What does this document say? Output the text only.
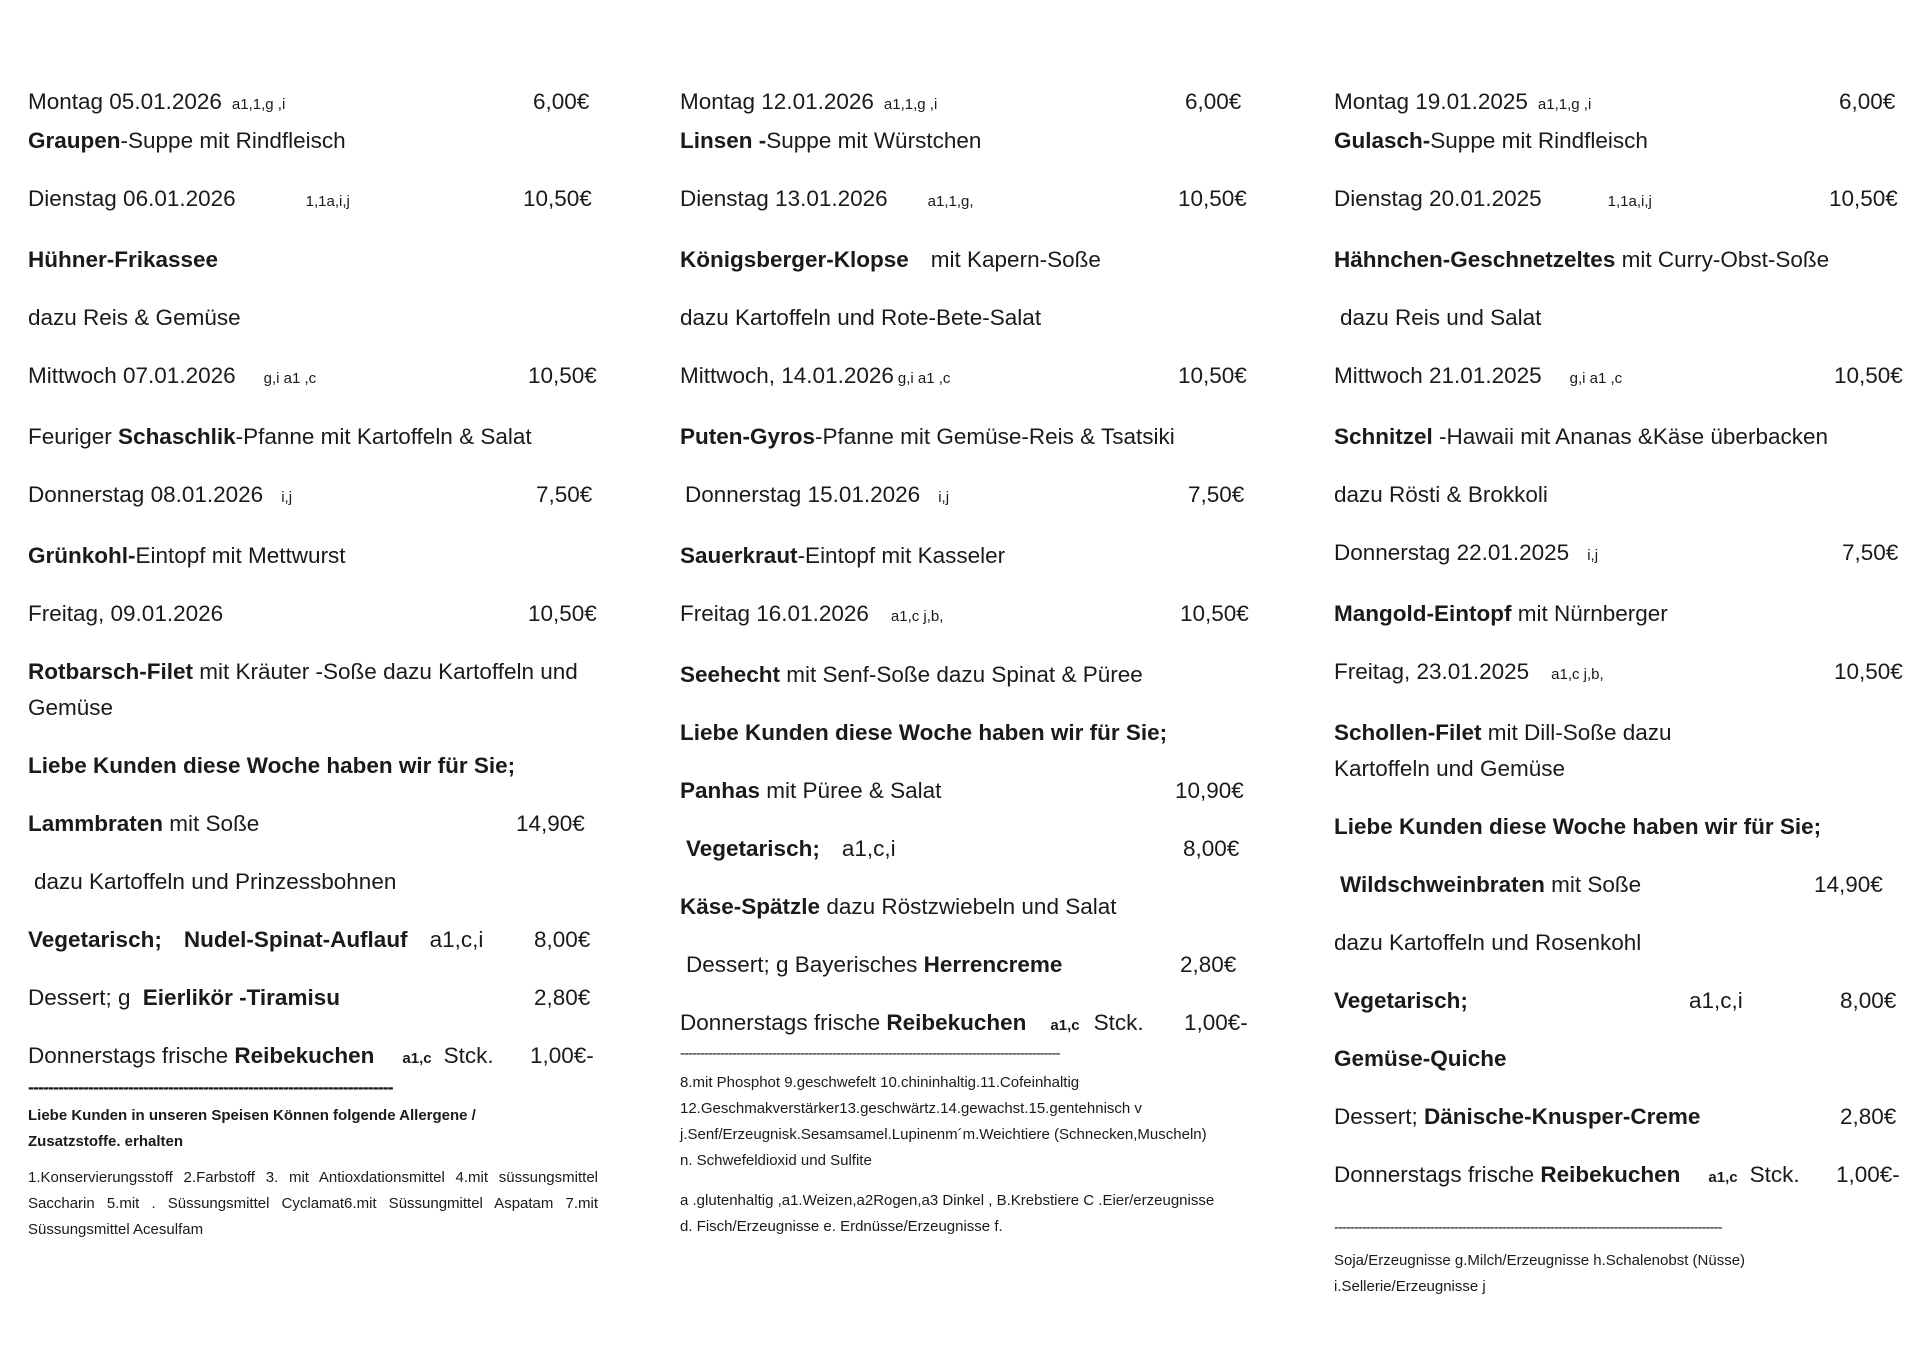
Montag 05.01.2026 a1,1,g ,i	6,00€
Graupen-Suppe mit Rindfleisch
Dienstag 06.01.2026	1,1a,i,j	10,50€
Hühner-Frikassee
dazu Reis & Gemüse
Mittwoch 07.01.2026 g,i a1 ,c	10,50€
Feuriger Schaschlik-Pfanne mit Kartoffeln & Salat
Donnerstag 08.01.2026 i,j	7,50€
Grünkohl-Eintopf mit Mettwurst
Freitag, 09.01.2026	10,50€
Rotbarsch-Filet mit Kräuter -Soße dazu Kartoffeln und Gemüse
Liebe Kunden diese Woche haben wir für Sie;
Lammbraten mit Soße	14,90€
dazu Kartoffeln und Prinzessbohnen
Vegetarisch; Nudel-Spinat-Auflauf a1,c,i 8,00€
Dessert; g Eierlikör -Tiramisu	2,80€
Donnerstags frische Reibekuchen a1,c Stck. 1,00€-
-------------------------------------------------------------------------
Liebe Kunden in unseren Speisen Können folgende Allergene / Zusatzstoffe. erhalten
1.Konservierungsstoff 2.Farbstoff 3. mit Antioxdationsmittel 4.mit süssungsmittel Saccharin 5.mit . Süssungsmittel Cyclamat6.mit Süssungmittel Aspatam 7.mit Süssungsmittel Acesulfam
Montag 12.01.2026 a1,1,g ,i	6,00€
Linsen -Suppe mit Würstchen
Dienstag 13.01.2026	a1,1,g,	10,50€
Königsberger-Klopse mit Kapern-Soße
dazu Kartoffeln und Rote-Bete-Salat
Mittwoch, 14.01.2026 g,i a1 ,c	10,50€
Puten-Gyros-Pfanne mit Gemüse-Reis & Tsatsiki
Donnerstag 15.01.2026 i,j	7,50€
Sauerkraut-Eintopf mit Kasseler
Freitag 16.01.2026 a1,c j,b,	10,50€
Seehecht mit Senf-Soße dazu Spinat & Püree
Liebe Kunden diese Woche haben wir für Sie;
Panhas mit Püree & Salat	10,90€
Vegetarisch; a1,c,i	8,00€
Käse-Spätzle dazu Röstzwiebeln und Salat
Dessert; g Bayerisches Herrencreme	2,80€
Donnerstags frische Reibekuchen a1,c Stck. 1,00€-
-----------------------------------------------------------------------------------------------
8.mit Phosphot 9.geschwefelt 10.chininhaltig.11.Cofeinhaltig 12.Geschmakverstärker13.geschwärtz.14.gewachst.15.gentehnisch v j.Senf/Erzeugnisk.Sesamsamel.Lupinenm´m.Weichtiere (Schnecken,Muscheln) n. Schwefeldioxid und Sulfite
a .glutenhaltig ,a1.Weizen,a2Rogen,a3 Dinkel , B.Krebstiere C .Eier/erzeugnisse d. Fisch/Erzeugnisse e. Erdnüsse/Erzeugnisse f.
Montag 19.01.2025 a1,1,g ,i	6,00€
Gulasch-Suppe mit Rindfleisch
Dienstag 20.01.2025	1,1a,i,j	10,50€
Hähnchen-Geschnetzeltes mit Curry-Obst-Soße
dazu Reis und Salat
Mittwoch 21.01.2025 g,i a1 ,c	10,50€
Schnitzel -Hawaii mit Ananas &Käse überbacken
dazu Rösti & Brokkoli
Donnerstag 22.01.2025 i,j	7,50€
Mangold-Eintopf mit Nürnberger
Freitag, 23.01.2025 a1,c j,b,	10,50€
Schollen-Filet mit Dill-Soße dazu
Kartoffeln und Gemüse
Liebe Kunden diese Woche haben wir für Sie;
Wildschweinbraten mit Soße	14,90€
dazu Kartoffeln und Rosenkohl
Vegetarisch;	a1,c,i	8,00€
Gemüse-Quiche
Dessert; Dänische-Knusper-Creme	2,80€
Donnerstags frische Reibekuchen a1,c Stck. 1,00€-
-------------------------------------------------------------------------------------------------
Soja/Erzeugnisse g.Milch/Erzeugnisse h.Schalenobst (Nüsse) i.Sellerie/Erzeugnisse j
